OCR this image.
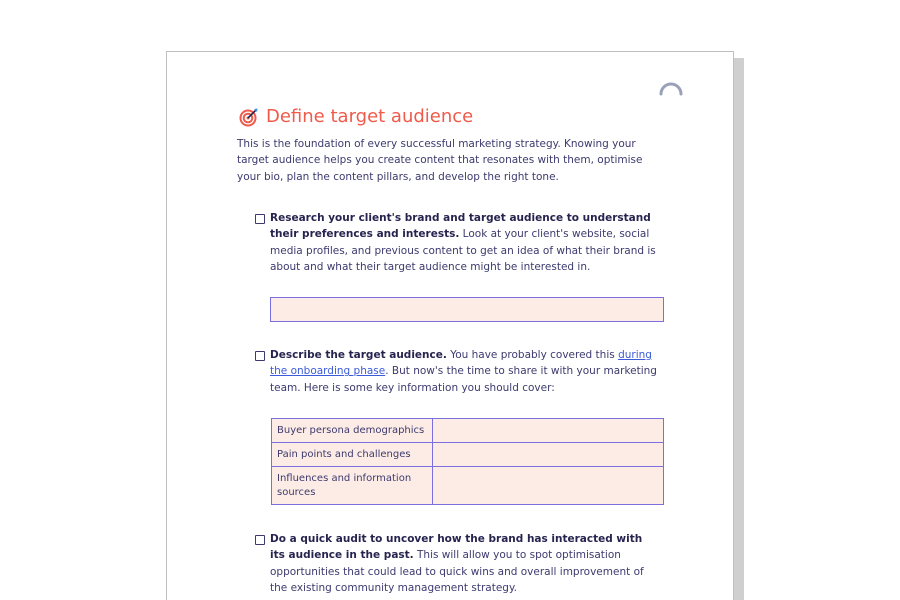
Define target audience

This is the foundation of every successful marketing strategy. Knowing your target audience helps you create content that resonates with them, optimise your bio, plan the content pillars, and develop the right tone.

Research your client's brand and target audience to understand their preferences and interests. Look at your client's website, social media profiles, and previous content to get an idea of what their brand is about and what their target audience might be interested in.
Describe the target audience. You have probably covered this during the onboarding phase. But now's the time to share it with your marketing team. Here is some key information you should cover:
Buyer persona demographics	
Pain points and challenges	
Influences and information sources	
Do a quick audit to uncover how the brand has interacted with its audience in the past. This will allow you to spot optimisation opportunities that could lead to quick wins and overall improvement of the existing community management strategy.
